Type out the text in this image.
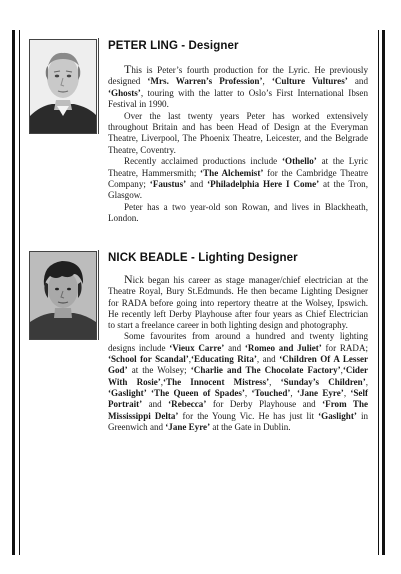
PETER LING - Designer

This is Peter’s fourth production for the Lyric. He previously designed ‘Mrs. Warren’s Profession’, ‘Culture Vultures’ and ‘Ghosts’, touring with the latter to Oslo’s First International Ibsen Festival in 1990.

Over the last twenty years Peter has worked extensively throughout Britain and has been Head of Design at the Everyman Theatre, Liverpool, The Phoenix Theatre, Leicester, and the Belgrade Theatre, Coventry.

Recently acclaimed productions include ‘Othello’ at the Lyric Theatre, Hammersmith; ‘The Alchemist’ for the Cambridge Theatre Company; ‘Faustus’ and ‘Philadelphia Here I Come’ at the Tron, Glasgow.

Peter has a two year-old son Rowan, and lives in Blackheath, London.

NICK BEADLE - Lighting Designer

Nick began his career as stage manager/chief electrician at the Theatre Royal, Bury St.Edmunds. He then became Lighting Designer for RADA before going into repertory theatre at the Wolsey, Ipswich. He recently left Derby Playhouse after four years as Chief Electrician to start a freelance career in both lighting design and photography.

Some favourites from around a hundred and twenty lighting designs include ‘Vieux Carre’ and ‘Romeo and Juliet’ for RADA; ‘School for Scandal’,‘Educating Rita’, and ‘Children Of A Lesser God’ at the Wolsey; ‘Charlie and The Chocolate Factory’,‘Cider With Rosie’,‘The Innocent Mistress’, ‘Sunday’s Children’, ‘Gaslight’ ‘The Queen of Spades’, ‘Touched’, ‘Jane Eyre’, ‘Self Portrait’ and ‘Rebecca’ for Derby Playhouse and ‘From The Mississippi Delta’ for the Young Vic. He has just lit ‘Gaslight’ in Greenwich and ‘Jane Eyre’ at the Gate in Dublin.
